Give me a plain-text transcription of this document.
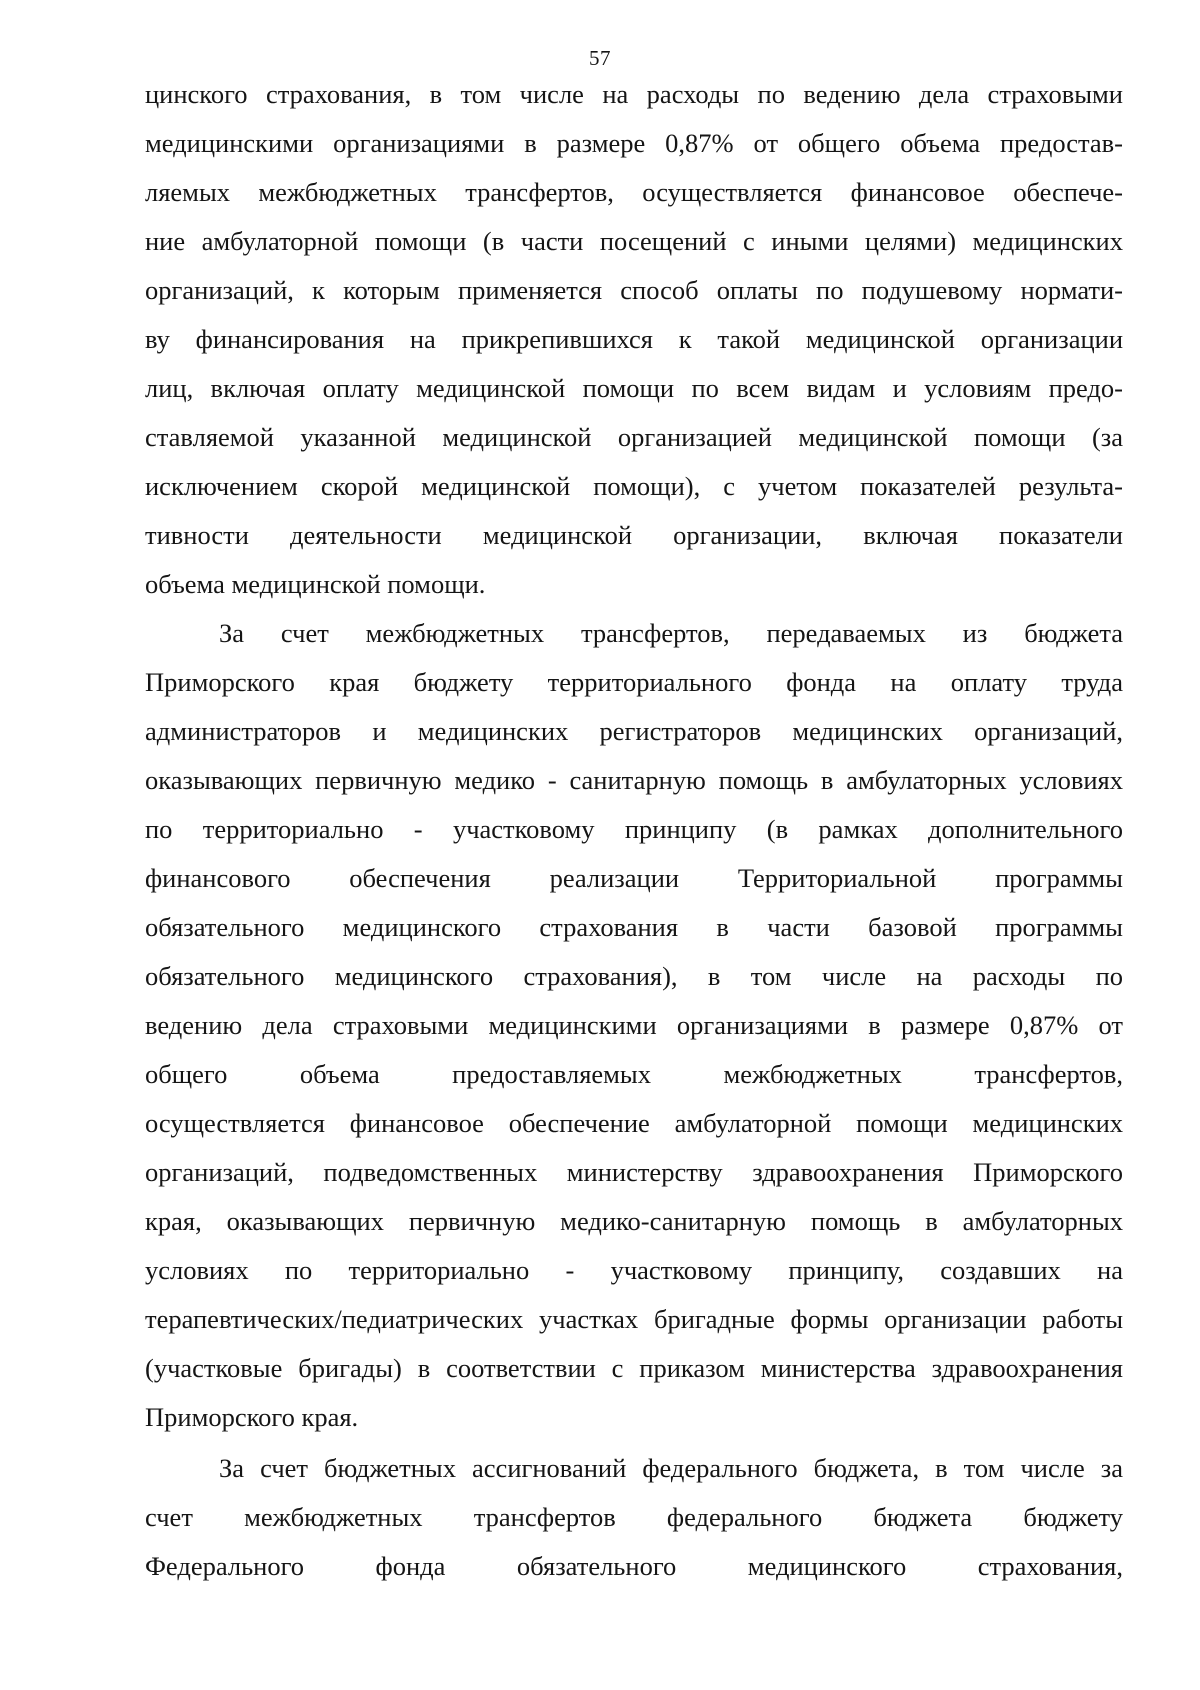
57
цинского страхования, в том числе на расходы по ведению дела страховыми
медицинскими организациями в размере 0,87% от общего объема предостав-
ляемых межбюджетных трансфертов, осуществляется финансовое обеспече-
ние амбулаторной помощи (в части посещений с иными целями) медицинских
организаций, к которым применяется способ оплаты по подушевому нормати-
ву финансирования на прикрепившихся к такой медицинской организации
лиц, включая оплату медицинской помощи по всем видам и условиям предо-
ставляемой указанной медицинской организацией медицинской помощи (за
исключением скорой медицинской помощи), с учетом показателей результа-
тивности деятельности медицинской организации, включая показатели
объема медицинской помощи.
За счет межбюджетных трансфертов, передаваемых из бюджета
Приморского края бюджету территориального фонда на оплату труда
администраторов и медицинских регистраторов медицинских организаций,
оказывающих первичную медико - санитарную помощь в амбулаторных условиях
по территориально - участковому принципу (в рамках дополнительного
финансового обеспечения реализации Территориальной программы
обязательного медицинского страхования в части базовой программы
обязательного медицинского страхования), в том числе на расходы по
ведению дела страховыми медицинскими организациями в размере 0,87% от
общего объема предоставляемых межбюджетных трансфертов,
осуществляется финансовое обеспечение амбулаторной помощи медицинских
организаций, подведомственных министерству здравоохранения Приморского
края, оказывающих первичную медико-санитарную помощь в амбулаторных
условиях по территориально - участковому принципу, создавших на
терапевтических/педиатрических участках бригадные формы организации работы
(участковые бригады) в соответствии с приказом министерства здравоохранения
Приморского края.
За счет бюджетных ассигнований федерального бюджета, в том числе за
счет межбюджетных трансфертов федерального бюджета бюджету
Федерального фонда обязательного медицинского страхования,
